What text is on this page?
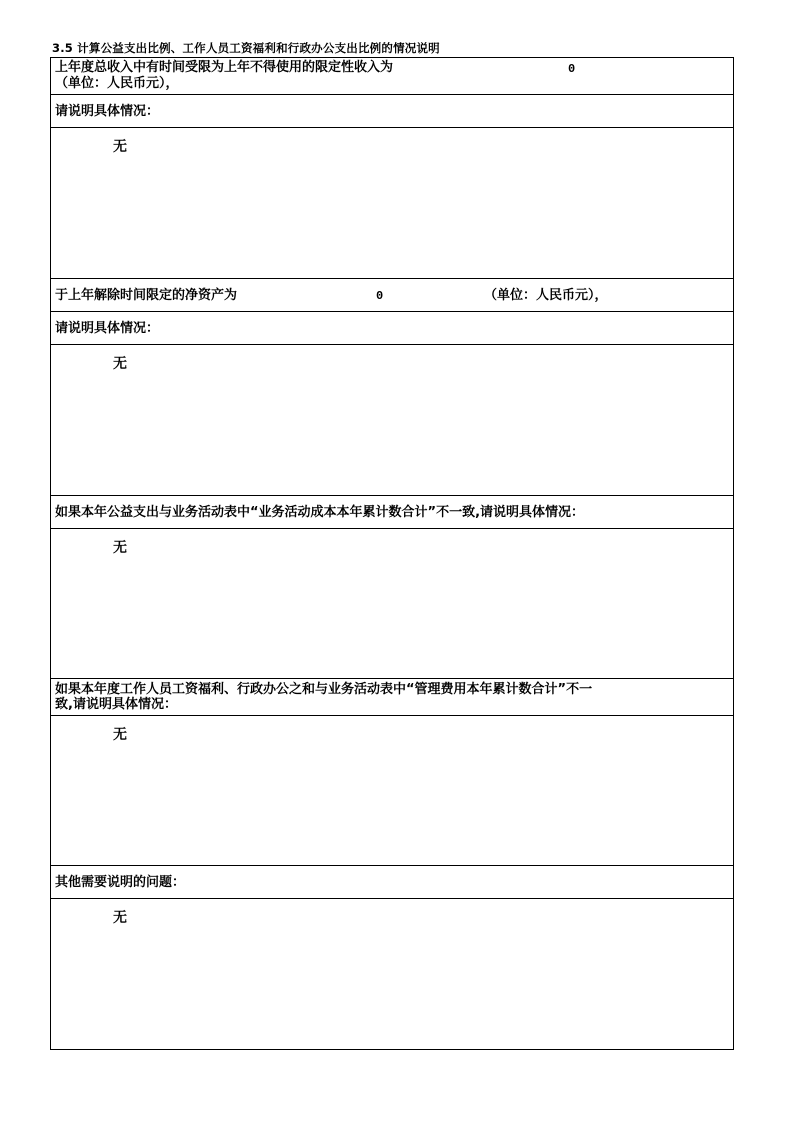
3.5 计算公益支出比例、工作人员工资福利和行政办公支出比例的情况说明
上年度总收入中有时间受限为上年不得使用的限定性收入为
（单位：人民币元），
0
请说明具体情况：
无
于上年解除时间限定的净资产为	0	（单位：人民币元），
请说明具体情况：
无
如果本年公益支出与业务活动表中“业务活动成本本年累计数合计”不一致,请说明具体情况：
无
如果本年度工作人员工资福利、行政办公之和与业务活动表中“管理费用本年累计数合计”不一
致,请说明具体情况：
无
其他需要说明的问题：
无
